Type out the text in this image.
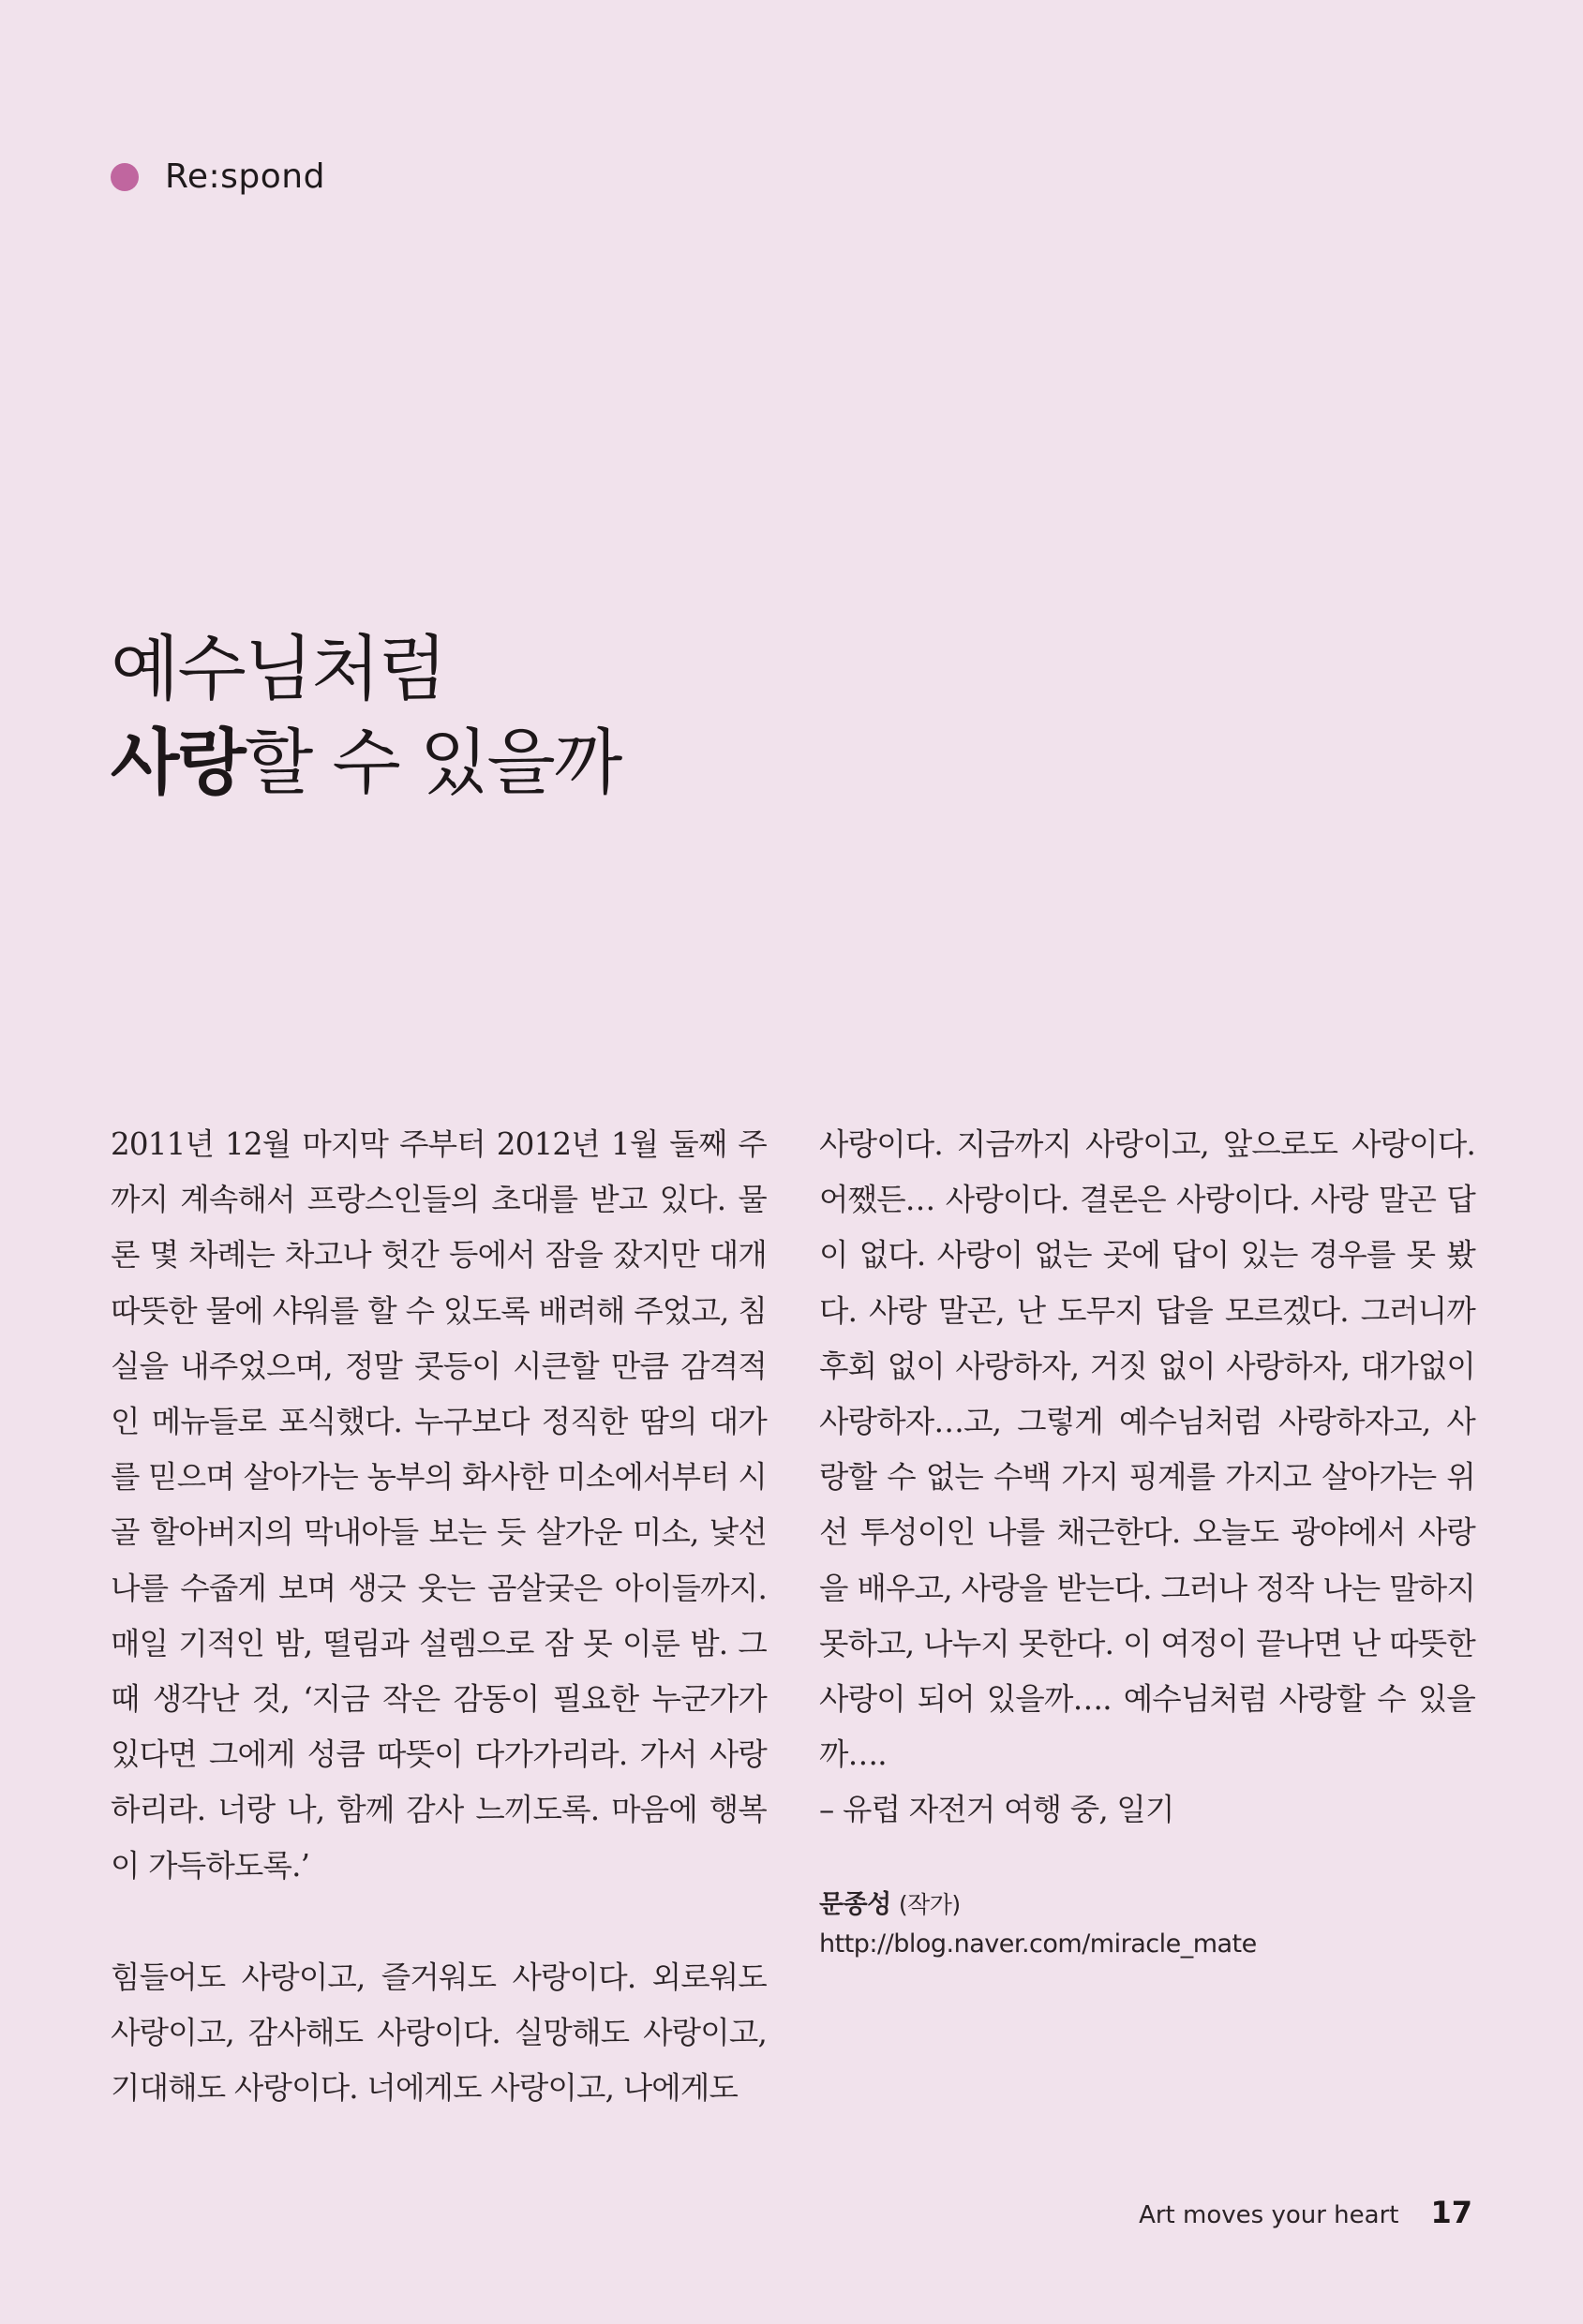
Re:spond
예수님처럼
사랑할 수 있을까

2011년 12월 마지막 주부터 2012년 1월 둘째 주까지 계속해서 프랑스인들의 초대를 받고 있다. 물론 몇 차례는 차고나 헛간 등에서 잠을 잤지만 대개 따뜻한 물에 샤워를 할 수 있도록 배려해 주었고, 침실을 내주었으며, 정말 콧등이 시큰할 만큼 감격적인 메뉴들로 포식했다. 누구보다 정직한 땀의 대가를 믿으며 살아가는 농부의 화사한 미소에서부터 시골 할아버지의 막내아들 보는 듯 살가운 미소, 낯선 나를 수줍게 보며 생긋 웃는 곰살궂은 아이들까지. 매일 기적인 밤, 떨림과 설렘으로 잠 못 이룬 밤. 그때 생각난 것, ‘지금 작은 감동이 필요한 누군가가 있다면 그에게 성큼 따뜻이 다가가리라. 가서 사랑하리라. 너랑 나, 함께 감사 느끼도록. 마음에 행복이 가득하도록.’

힘들어도 사랑이고, 즐거워도 사랑이다. 외로워도 사랑이고, 감사해도 사랑이다. 실망해도 사랑이고, 기대해도 사랑이다. 너에게도 사랑이고, 나에게도

사랑이다. 지금까지 사랑이고, 앞으로도 사랑이다. 어쨌든… 사랑이다. 결론은 사랑이다. 사랑 말곤 답이 없다. 사랑이 없는 곳에 답이 있는 경우를 못 봤다. 사랑 말곤, 난 도무지 답을 모르겠다. 그러니까 후회 없이 사랑하자, 거짓 없이 사랑하자, 대가없이 사랑하자…고, 그렇게 예수님처럼 사랑하자고, 사랑할 수 없는 수백 가지 핑계를 가지고 살아가는 위선 투성이인 나를 채근한다. 오늘도 광야에서 사랑을 배우고, 사랑을 받는다. 그러나 정작 나는 말하지 못하고, 나누지 못한다. 이 여정이 끝나면 난 따뜻한 사랑이 되어 있을까…. 예수님처럼 사랑할 수 있을까….

– 유럽 자전거 여행 중, 일기

문종성 (작가)
http://blog.naver.com/miracle_mate
Art moves your heart 17
